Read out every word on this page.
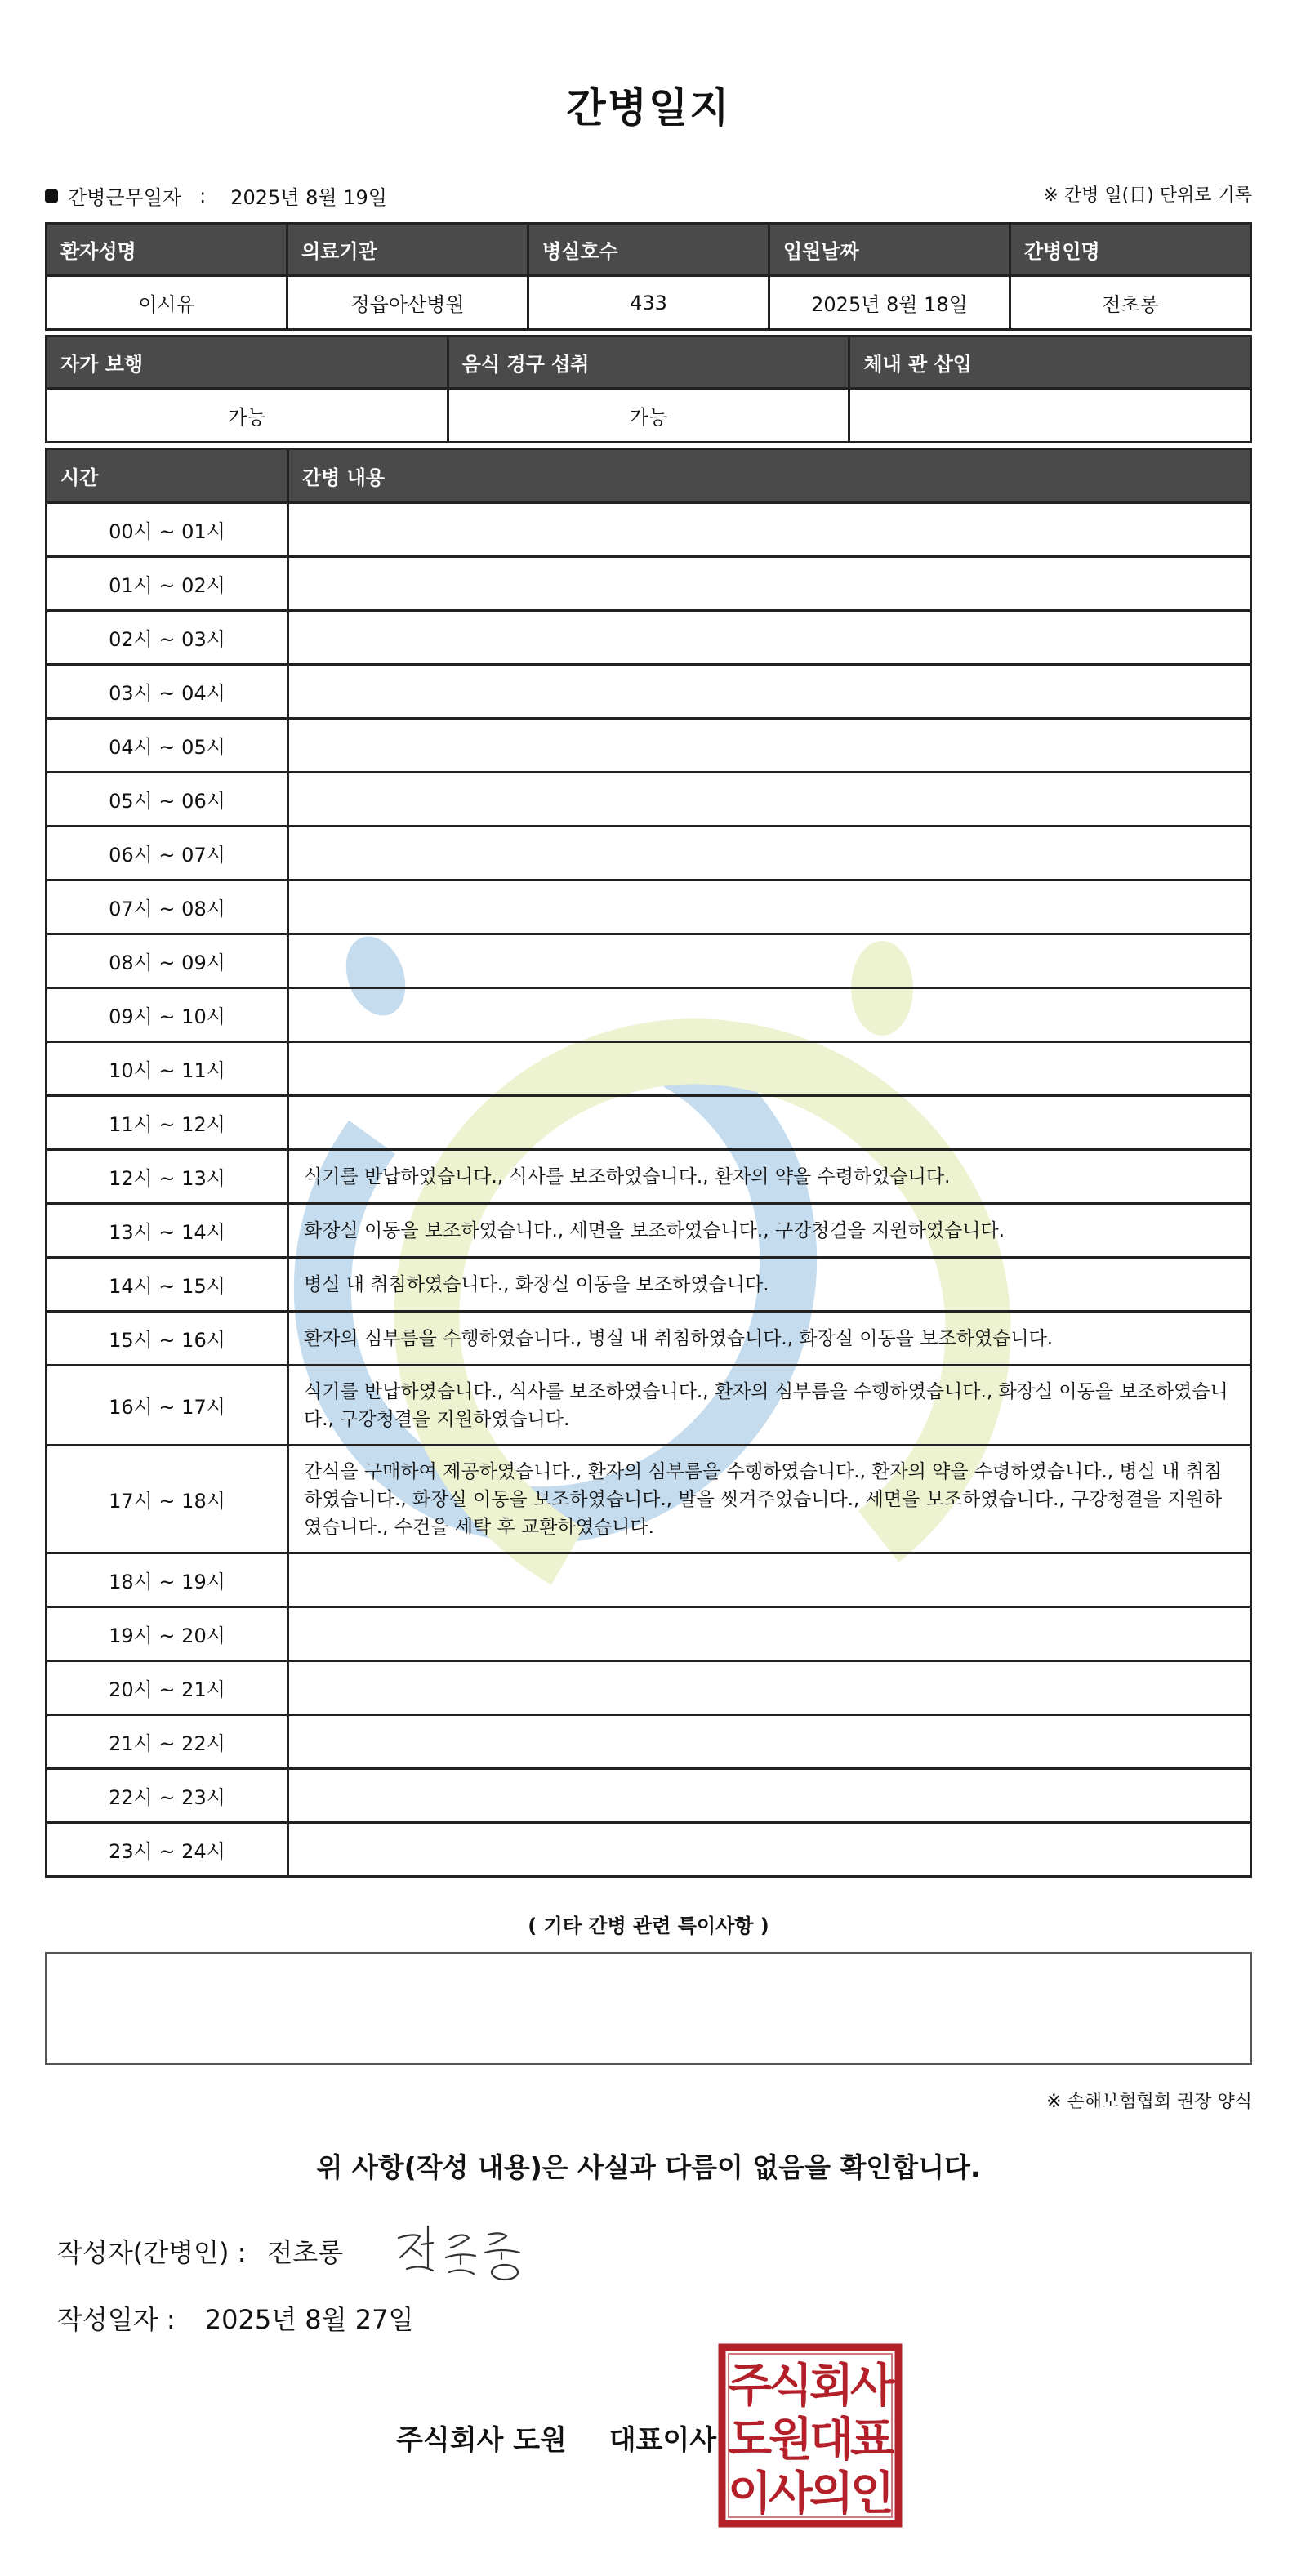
간병일지
간병근무일자 : 2025년 8월 19일	※ 간병 일(日) 단위로 기록
환자성명	의료기관	병실호수	입원날짜	간병인명
이시유	정읍아산병원	433	2025년 8월 18일	전초롱
자가 보행	음식 경구 섭취	체내 관 삽입
가능	가능	
시간	간병 내용
00시 ~ 01시	
01시 ~ 02시	
02시 ~ 03시	
03시 ~ 04시	
04시 ~ 05시	
05시 ~ 06시	
06시 ~ 07시	
07시 ~ 08시	
08시 ~ 09시	
09시 ~ 10시	
10시 ~ 11시	
11시 ~ 12시	
12시 ~ 13시	식기를 반납하였습니다., 식사를 보조하였습니다., 환자의 약을 수령하였습니다.
13시 ~ 14시	화장실 이동을 보조하였습니다., 세면을 보조하였습니다., 구강청결을 지원하였습니다.
14시 ~ 15시	병실 내 취침하였습니다., 화장실 이동을 보조하였습니다.
15시 ~ 16시	환자의 심부름을 수행하였습니다., 병실 내 취침하였습니다., 화장실 이동을 보조하였습니다.
16시 ~ 17시	식기를 반납하였습니다., 식사를 보조하였습니다., 환자의 심부름을 수행하였습니다., 화장실 이동을 보조하였습니다., 구강청결을 지원하였습니다.
17시 ~ 18시	간식을 구매하여 제공하였습니다., 환자의 심부름을 수행하였습니다., 환자의 약을 수령하였습니다., 병실 내 취침하였습니다., 화장실 이동을 보조하였습니다., 발을 씻겨주었습니다., 세면을 보조하였습니다., 구강청결을 지원하였습니다., 수건을 세탁 후 교환하였습니다.
18시 ~ 19시	
19시 ~ 20시	
20시 ~ 21시	
21시 ~ 22시	
22시 ~ 23시	
23시 ~ 24시	
( 기타 간병 관련 특이사항 )
※ 손해보험협회 권장 양식
위 사항(작성 내용)은 사실과 다름이 없음을 확인합니다.
작성자(간병인) : 전초롱
작성일자 : 2025년 8월 27일
주식회사 도원 대표이사
주
식
회
사
도
원
대
표
이
사
의
인
